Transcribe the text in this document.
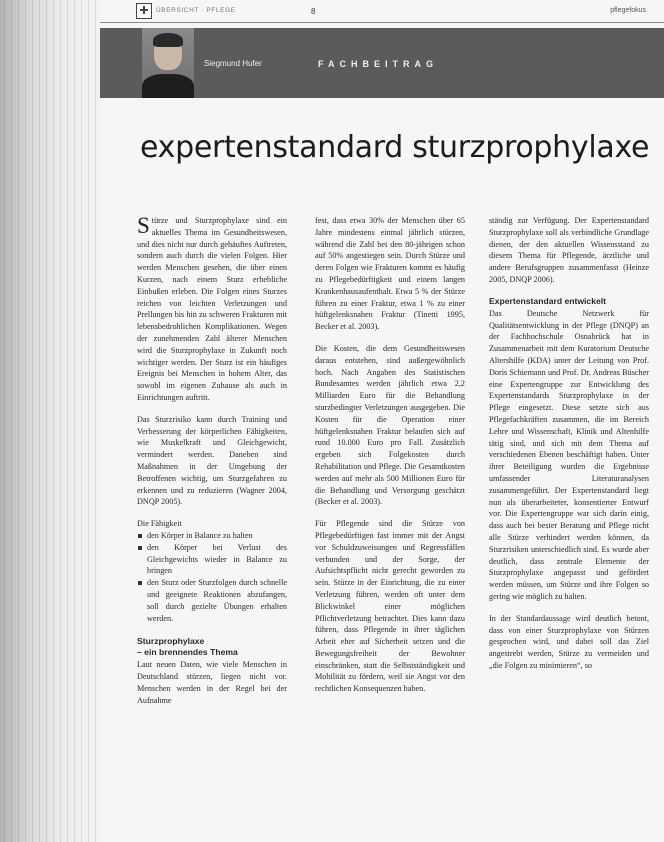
ÜBERSICHT · PFLEGE	8	pflegefokus
Siegmund Hufer	FACHBEITRAG
expertenstandard sturzprophylaxe

Stürze und Sturzprophylaxe sind ein aktuelles Thema im Gesundheitswesen, und dies nicht nur durch gehäuftes Auftreten, sondern auch durch die vielen Folgen. Hier werden Menschen gesehen, die über einen Kurzen, nach einem Sturz erhebliche Einbußen erleben. Die Folgen eines Sturzes reichen von leichten Verletzungen und Prellungen bis hin zu schweren Frakturen mit lebensbedrohlichen Komplikationen. Wegen der zunehmenden Zahl älterer Menschen wird die Sturzprophylaxe in Zukunft noch wichtiger werden. Der Sturz ist ein häufiges Ereignis bei Menschen in hohem Alter, das sowohl im eigenen Zuhause als auch in Einrichtungen auftritt.

Das Sturzrisiko kann durch Training und Verbesserung der körperlichen Fähigkeiten, wie Muskelkraft und Gleichgewicht, vermindert werden. Daneben sind Maßnahmen in der Umgebung der Betroffenen wichtig, um Sturzgefahren zu erkennen und zu reduzieren (Wagner 2004, DNQP 2005).

Die Fähigkeit

den Körper in Balance zu halten
den Körper bei Verlust des Gleichgewichts wieder in Balance zu bringen
den Sturz oder Sturzfolgen durch schnelle und geeignete Reaktionen abzufangen, soll durch gezielte Übungen erhalten werden.
Sturzprophylaxe
– ein brennendes Thema

Laut neuen Daten, wie viele Menschen in Deutschland stürzen, liegen nicht vor. Menschen werden in der Regel bei der Aufnahme

fest, dass etwa 30% der Menschen über 65 Jahre mindestens einmal jährlich stürzen, während die Zahl bei den 80-jährigen schon auf 50% angestiegen sein. Durch Stürze und deren Folgen wie Frakturen kommt es häufig zu Pflegebedürftigkeit und einem langen Krankenhausaufenthalt. Etwa 5 % der Stürze führen zu einer Fraktur, etwa 1 % zu einer hüftgelenksnahen Fraktur (Tinetti 1995, Becker et al. 2003).

Die Kosten, die dem Gesundheitswesen daraus entstehen, sind außergewöhnlich hoch. Nach Angaben des Statistischen Bundesamtes werden jährlich etwa 2,2 Milliarden Euro für die Behandlung sturzbedingter Verletzungen ausgegeben. Die Kosten für die Operation einer hüftgelenksnahen Fraktur belaufen sich auf rund 10.000 Euro pro Fall. Zusätzlich ergeben sich Folgekosten durch Rehabilitation und Pflege. Die Gesamtkosten werden auf mehr als 500 Millionen Euro für die Behandlung und Versorgung geschätzt (Becker et al. 2003).

Für Pflegende sind die Stürze von Pflegebedürftigen fast immer mit der Angst vor Schuldzuweisungen und Regressfällen verbunden und der Sorge, der Aufsichtspflicht nicht gerecht geworden zu sein. Stürze in der Einrichtung, die zu einer Verletzung führen, werden oft unter dem Blickwinkel einer möglichen Pflichtverletzung betrachtet. Dies kann dazu führen, dass Pflegende in ihrer täglichen Arbeit eher auf Sicherheit setzen und die Bewegungsfreiheit der Bewohner einschränken, statt die Selbstständigkeit und Mobilität zu fördern, weil sie Angst vor den rechtlichen Konsequenzen haben.

ständig zur Verfügung. Der Expertenstandard Sturzprophylaxe soll als verbindliche Grundlage dienen, der den aktuellen Wissensstand zu diesem Thema für Pflegende, ärztliche und andere Berufsgruppen zusammenfasst (Heinze 2005, DNQP 2006).

Expertenstandard entwickelt

Das Deutsche Netzwerk für Qualitätsentwicklung in der Pflege (DNQP) an der Fachhochschule Osnabrück hat in Zusammenarbeit mit dem Kuratorium Deutsche Altershilfe (KDA) unter der Leitung von Prof. Doris Schiemann und Prof. Dr. Andreas Büscher eine Expertengruppe zur Entwicklung des Expertenstandards Sturzprophylaxe in der Pflege eingesetzt. Diese setzte sich aus Pflegefachkräften zusammen, die im Bereich Lehre und Wissenschaft, Klinik und Altenhilfe tätig sind, und sich mit dem Thema auf verschiedenen Ebenen beschäftigt haben. Unter ihrer Beteiligung wurden die Ergebnisse umfassender Literaturanalysen zusammengeführt. Der Expertenstandard liegt nun als überarbeiteter, konsentierter Entwurf vor. Die Expertengruppe war sich darin einig, dass auch bei bester Beratung und Pflege nicht alle Stürze verhindert werden können, da Sturzrisiken unterschiedlich sind. Es wurde aber deutlich, dass zentrale Elemente der Sturzprophylaxe angepasst und gefördert werden müssen, um Stürze und ihre Folgen so gering wie möglich zu halten.

In der Standardaussage wird deutlich betont, dass von einer Sturzprophylaxe von Stürzen gesprochen wird, und dabei soll das Ziel angestrebt werden, Stürze zu vermeiden und „die Folgen zu minimieren“, so
